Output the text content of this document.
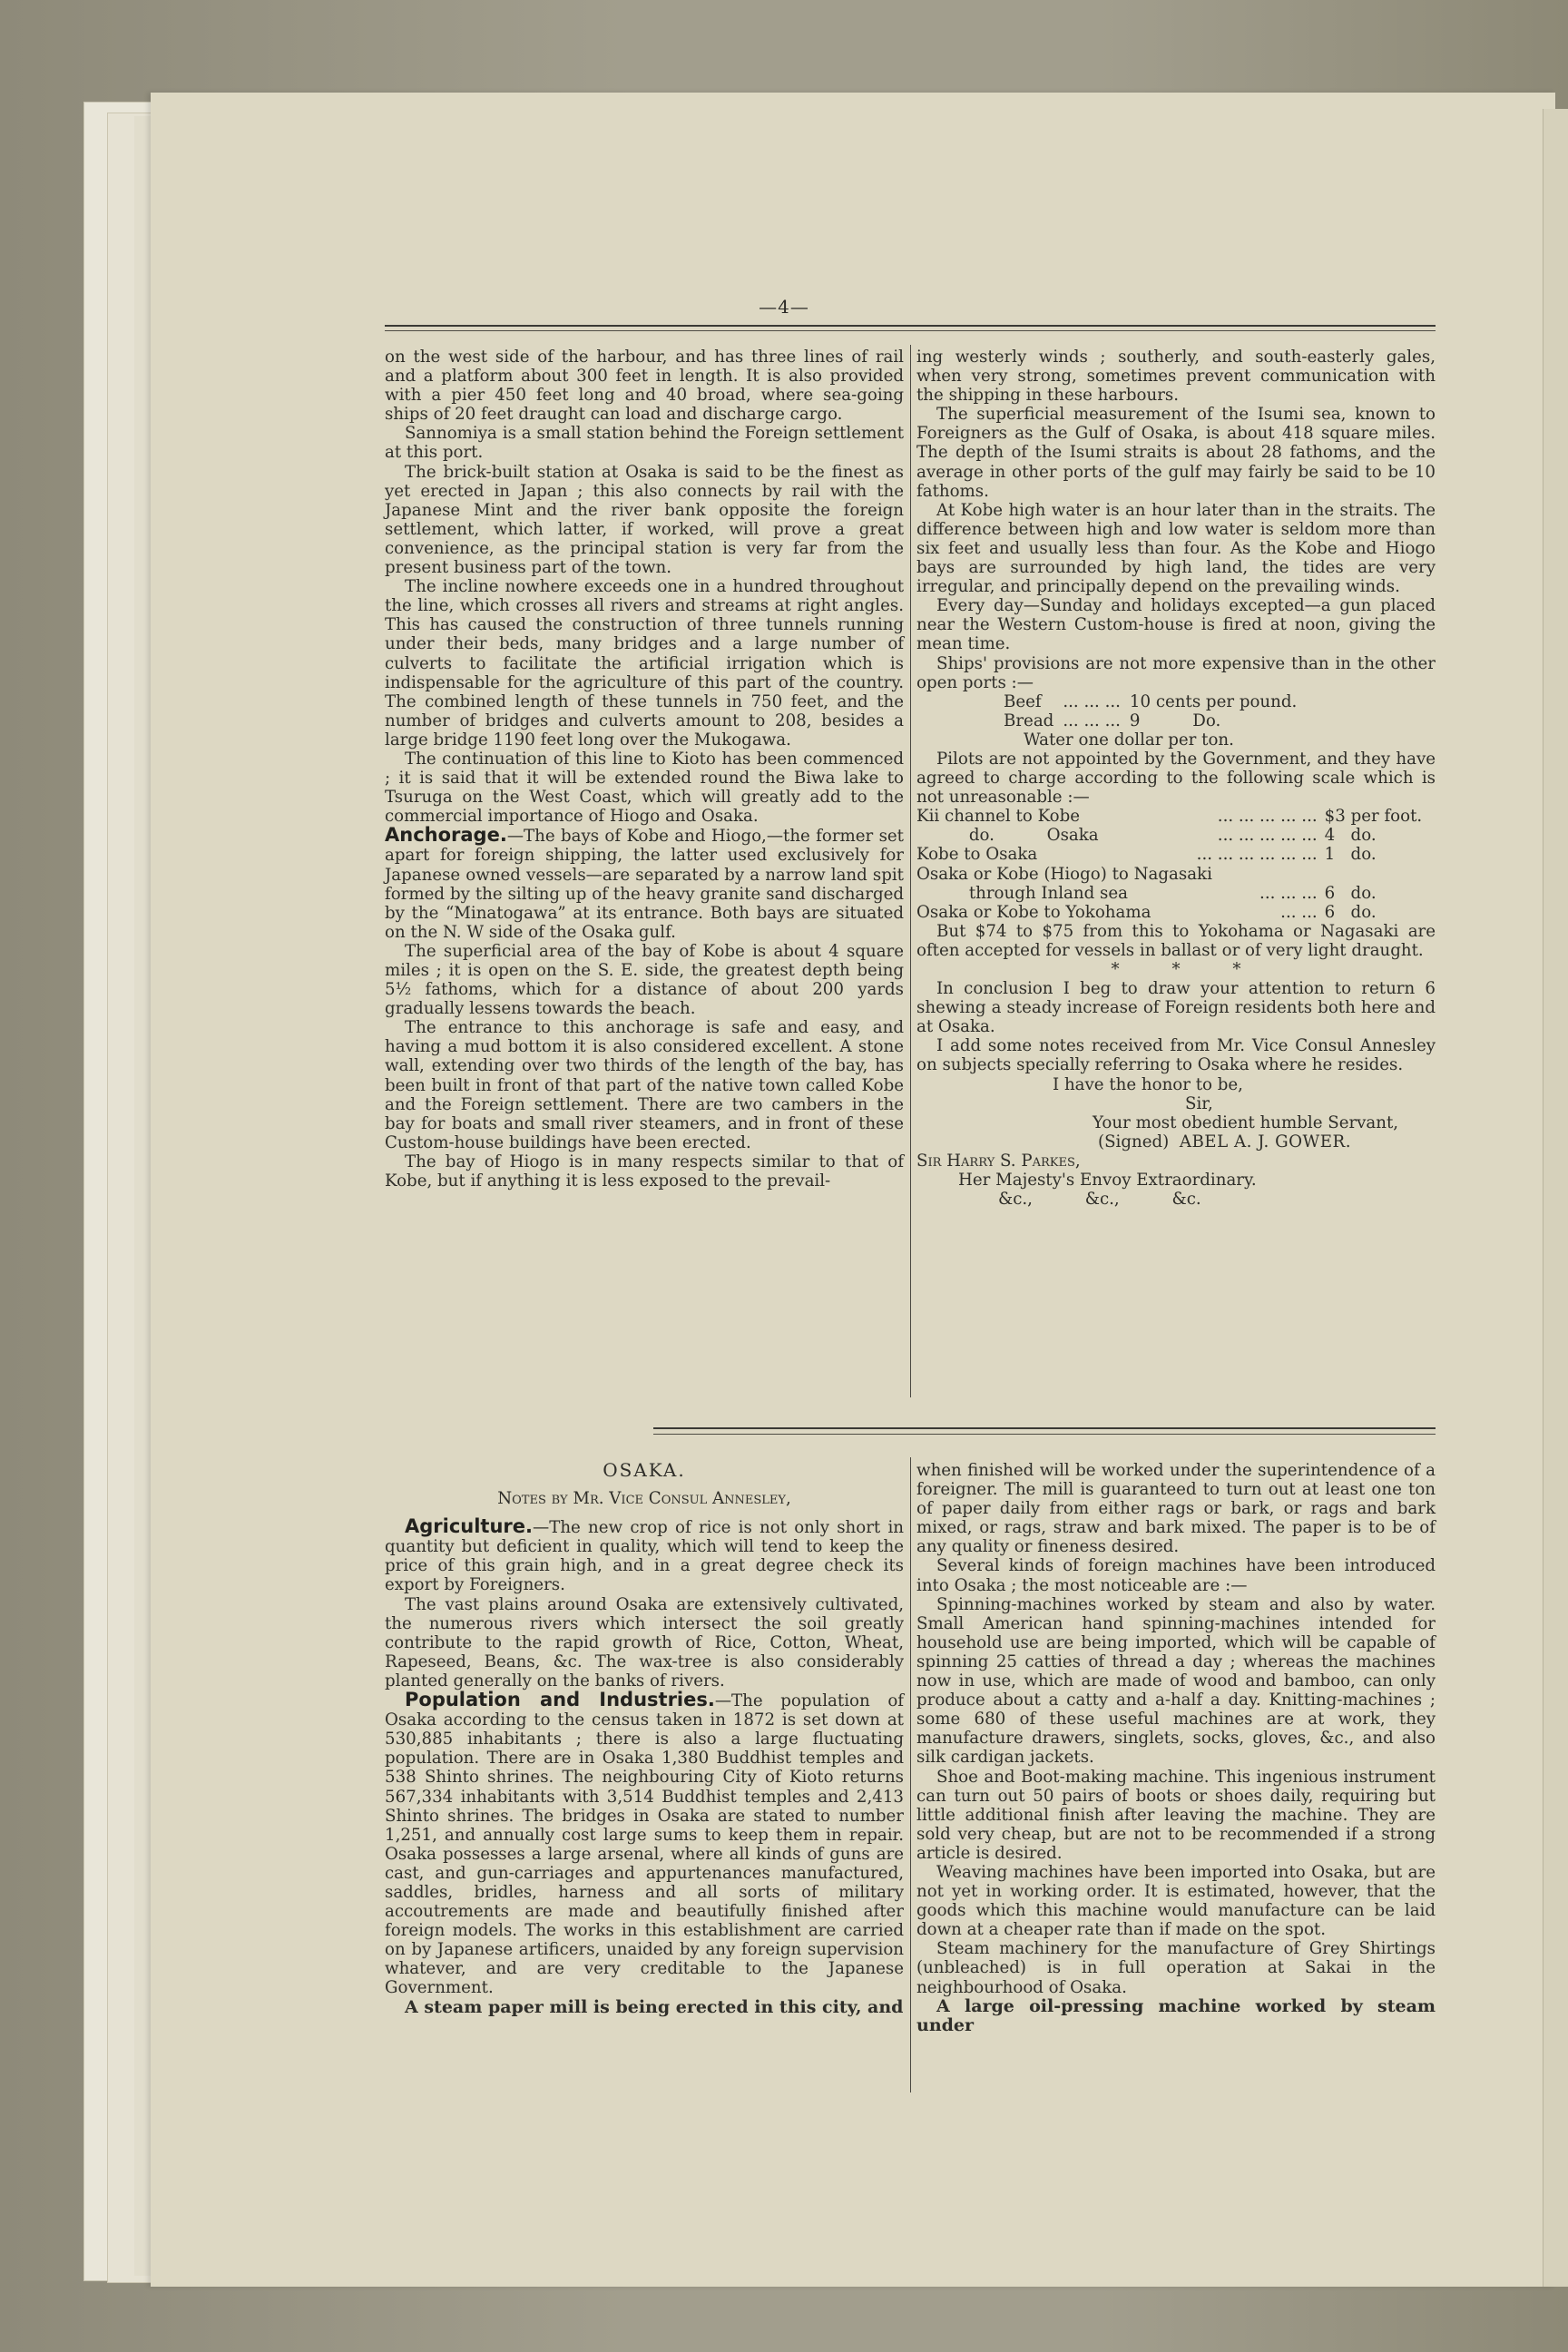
—4—

on the west side of the harbour, and has three lines of rail and a platform about 300 feet in length. It is also provided with a pier 450 feet long and 40 broad, where sea-going ships of 20 feet draught can load and discharge cargo.

Sannomiya is a small station behind the Foreign settlement at this port.

The brick-built station at Osaka is said to be the finest as yet erected in Japan ; this also connects by rail with the Japanese Mint and the river bank opposite the foreign settlement, which latter, if worked, will prove a great convenience, as the principal station is very far from the present business part of the town.

The incline nowhere exceeds one in a hundred throughout the line, which crosses all rivers and streams at right angles. This has caused the construction of three tunnels running under their beds, many bridges and a large number of culverts to facilitate the artificial irrigation which is indispensable for the agriculture of this part of the country. The combined length of these tunnels in 750 feet, and the number of bridges and culverts amount to 208, besides a large bridge 1190 feet long over the Mukogawa.

The continuation of this line to Kioto has been commenced ; it is said that it will be extended round the Biwa lake to Tsuruga on the West Coast, which will greatly add to the commercial importance of Hiogo and Osaka.

Anchorage.—The bays of Kobe and Hiogo,—the former set apart for foreign shipping, the latter used exclusively for Japanese owned vessels—are separated by a narrow land spit formed by the silting up of the heavy granite sand discharged by the “Minatogawa” at its entrance. Both bays are situated on the N. W side of the Osaka gulf.

The superficial area of the bay of Kobe is about 4 square miles ; it is open on the S. E. side, the greatest depth being 5½ fathoms, which for a distance of about 200 yards gradually lessens towards the beach.

The entrance to this anchorage is safe and easy, and having a mud bottom it is also considered excellent. A stone wall, extending over two thirds of the length of the bay, has been built in front of that part of the native town called Kobe and the Foreign settlement. There are two cambers in the bay for boats and small river steamers, and in front of these Custom-house buildings have been erected.

The bay of Hiogo is in many respects similar to that of Kobe, but if anything it is less exposed to the prevail-

ing westerly winds ; southerly, and south-easterly gales, when very strong, sometimes prevent communication with the shipping in these harbours.

The superficial measurement of the Isumi sea, known to Foreigners as the Gulf of Osaka, is about 418 square miles. The depth of the Isumi straits is about 28 fathoms, and the average in other ports of the gulf may fairly be said to be 10 fathoms.

At Kobe high water is an hour later than in the straits. The difference between high and low water is seldom more than six feet and usually less than four. As the Kobe and Hiogo bays are surrounded by high land, the tides are very irregular, and principally depend on the prevailing winds.

Every day—Sunday and holidays excepted—a gun placed near the Western Custom-house is fired at noon, giving the mean time.

Ships' provisions are not more expensive than in the other open ports :—

Beef	... ... ...	10 cents per pound.
Bread	... ... ...	9          Do.

Water one dollar per ton.

Pilots are not appointed by the Government, and they have agreed to charge according to the following scale which is not unreasonable :—

Kii channel to Kobe	... ... ... ... ...	$3 per foot.
do.          Osaka	... ... ... ... ...	4   do.
Kobe to Osaka	... ... ... ... ... ...	1   do.
Osaka or Kobe (Hiogo) to Nagasaki		
through Inland sea	... ... ...	6   do.
Osaka or Kobe to Yokohama	... ...	6   do.

But $74 to $75 from this to Yokohama or Nagasaki are often accepted for vessels in ballast or of very light draught.

*          *          *

In conclusion I beg to draw your attention to return 6 shewing a steady increase of Foreign residents both here and at Osaka.

I add some notes received from Mr. Vice Consul Annesley on subjects specially referring to Osaka where he resides.

I have the honor to be,

Sir,

Your most obedient humble Servant,

(Signed) ABEL A. J. GOWER.

Sir Harry S. Parkes,

Her Majesty's Envoy Extraordinary.

&c.,          &c.,          &c.

OSAKA.

Notes by Mr. Vice Consul Annesley,

Agriculture.—The new crop of rice is not only short in quantity but deficient in quality, which will tend to keep the price of this grain high, and in a great degree check its export by Foreigners.

The vast plains around Osaka are extensively cultivated, the numerous rivers which intersect the soil greatly contribute to the rapid growth of Rice, Cotton, Wheat, Rapeseed, Beans, &c. The wax-tree is also considerably planted generally on the banks of rivers.

Population and Industries.—The population of Osaka according to the census taken in 1872 is set down at 530,885 inhabitants ; there is also a large fluctuating population. There are in Osaka 1,380 Buddhist temples and 538 Shinto shrines. The neighbouring City of Kioto returns 567,334 inhabitants with 3,514 Buddhist temples and 2,413 Shinto shrines. The bridges in Osaka are stated to number 1,251, and annually cost large sums to keep them in repair. Osaka possesses a large arsenal, where all kinds of guns are cast, and gun-carriages and appurtenances manufactured, saddles, bridles, harness and all sorts of military accoutrements are made and beautifully finished after foreign models. The works in this establishment are carried on by Japanese artificers, unaided by any foreign supervision whatever, and are very creditable to the Japanese Government.

A steam paper mill is being erected in this city, and

when finished will be worked under the superintendence of a foreigner. The mill is guaranteed to turn out at least one ton of paper daily from either rags or bark, or rags and bark mixed, or rags, straw and bark mixed. The paper is to be of any quality or fineness desired.

Several kinds of foreign machines have been introduced into Osaka ; the most noticeable are :—

Spinning-machines worked by steam and also by water. Small American hand spinning-machines intended for household use are being imported, which will be capable of spinning 25 catties of thread a day ; whereas the machines now in use, which are made of wood and bamboo, can only produce about a catty and a-half a day. Knitting-machines ; some 680 of these useful machines are at work, they manufacture drawers, singlets, socks, gloves, &c., and also silk cardigan jackets.

Shoe and Boot-making machine. This ingenious instrument can turn out 50 pairs of boots or shoes daily, requiring but little additional finish after leaving the machine. They are sold very cheap, but are not to be recommended if a strong article is desired.

Weaving machines have been imported into Osaka, but are not yet in working order. It is estimated, however, that the goods which this machine would manufacture can be laid down at a cheaper rate than if made on the spot.

Steam machinery for the manufacture of Grey Shirtings (unbleached) is in full operation at Sakai in the neighbourhood of Osaka.

A large oil-pressing machine worked by steam under
